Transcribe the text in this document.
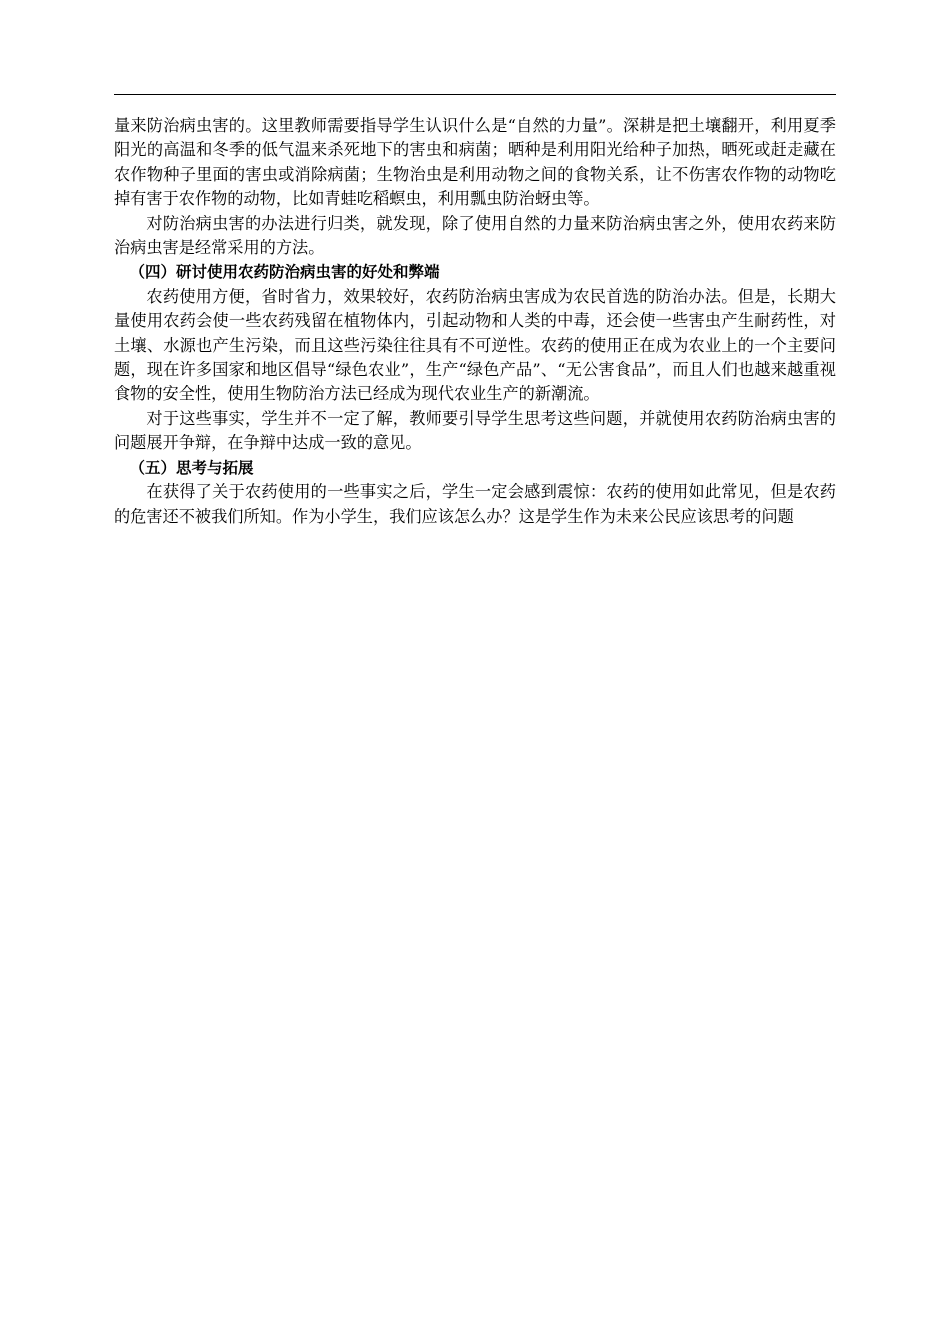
量来防治病虫害的。这里教师需要指导学生认识什么是“自然的力量”。深耕是把土壤翻开，利用夏季阳光的高温和冬季的低气温来杀死地下的害虫和病菌；晒种是利用阳光给种子加热，晒死或赶走藏在农作物种子里面的害虫或消除病菌；生物治虫是利用动物之间的食物关系，让不伤害农作物的动物吃掉有害于农作物的动物，比如青蛙吃稻螟虫，利用瓢虫防治蚜虫等。

对防治病虫害的办法进行归类，就发现，除了使用自然的力量来防治病虫害之外，使用农药来防治病虫害是经常采用的方法。

（四）研讨使用农药防治病虫害的好处和弊端

农药使用方便，省时省力，效果较好，农药防治病虫害成为农民首选的防治办法。但是，长期大量使用农药会使一些农药残留在植物体内，引起动物和人类的中毒，还会使一些害虫产生耐药性，对土壤、水源也产生污染，而且这些污染往往具有不可逆性。农药的使用正在成为农业上的一个主要问题，现在许多国家和地区倡导“绿色农业”，生产“绿色产品”、“无公害食品”，而且人们也越来越重视食物的安全性，使用生物防治方法已经成为现代农业生产的新潮流。

对于这些事实，学生并不一定了解，教师要引导学生思考这些问题，并就使用农药防治病虫害的问题展开争辩，在争辩中达成一致的意见。

（五）思考与拓展

在获得了关于农药使用的一些事实之后，学生一定会感到震惊：农药的使用如此常见，但是农药的危害还不被我们所知。作为小学生，我们应该怎么办？这是学生作为未来公民应该思考的问题
